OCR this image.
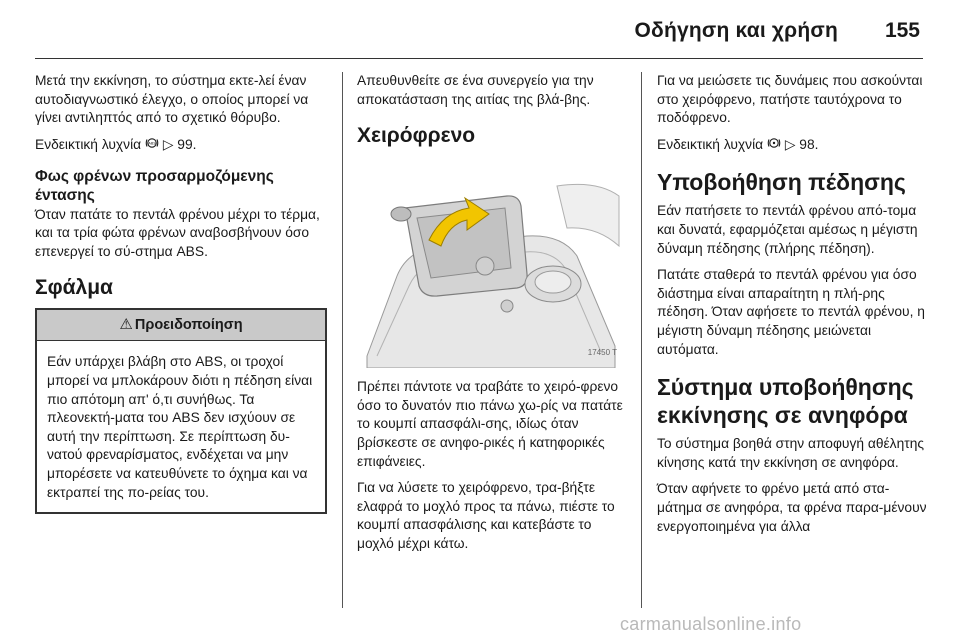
Οδήγηση και χρήση 155

Μετά την εκκίνηση, το σύστημα εκτε-λεί έναν αυτοδιαγνωστικό έλεγχο, ο οποίος μπορεί να γίνει αντιληπτός από το σχετικό θόρυβο.

Ενδεικτική λυχνία ABS ▷ 99.

Φως φρένων προσαρμοζόμενης έντασης

Όταν πατάτε το πεντάλ φρένου μέχρι το τέρμα, και τα τρία φώτα φρένων αναβοσβήνουν όσο επενεργεί το σύ-στημα ABS.

Σφάλμα
⚠ Προειδοποίηση
Εάν υπάρχει βλάβη στο ABS, οι τροχοί μπορεί να μπλοκάρουν διότι η πέδηση είναι πιο απότομη απ' ό,τι συνήθως. Τα πλεονεκτή-ματα του ABS δεν ισχύουν σε αυτή την περίπτωση. Σε περίπτωση δυ-νατού φρεναρίσματος, ενδέχεται να μην μπορέσετε να κατευθύνετε το όχημα και να εκτραπεί της πο-ρείας του.

Απευθυνθείτε σε ένα συνεργείο για την αποκατάσταση της αιτίας της βλά-βης.

Χειρόφρενο
17450 T

Πρέπει πάντοτε να τραβάτε το χειρό-φρενο όσο το δυνατόν πιο πάνω χω-ρίς να πατάτε το κουμπί απασφάλι-σης, ιδίως όταν βρίσκεστε σε ανηφο-ρικές ή κατηφορικές επιφάνειες.

Για να λύσετε το χειρόφρενο, τρα-βήξτε ελαφρά το μοχλό προς τα πάνω, πιέστε το κουμπί απασφάλισης και κατεβάστε το μοχλό μέχρι κάτω.

Για να μειώσετε τις δυνάμεις που ασκούνται στο χειρόφρενο, πατήστε ταυτόχρονα το ποδόφρενο.

Ενδεικτική λυχνία ▷ 98.

Υποβοήθηση πέδησης

Εάν πατήσετε το πεντάλ φρένου από-τομα και δυνατά, εφαρμόζεται αμέσως η μέγιστη δύναμη πέδησης (πλήρης πέδηση).

Πατάτε σταθερά το πεντάλ φρένου για όσο διάστημα είναι απαραίτητη η πλή-ρης πέδηση. Όταν αφήσετε το πεντάλ φρένου, η μέγιστη δύναμη πέδησης μειώνεται αυτόματα.

Σύστημα υποβοήθησης εκκίνησης σε ανηφόρα

Το σύστημα βοηθά στην αποφυγή αθέλητης κίνησης κατά την εκκίνηση σε ανηφόρα.

Όταν αφήνετε το φρένο μετά από στα-μάτημα σε ανηφόρα, τα φρένα παρα-μένουν ενεργοποιημένα για άλλα

carmanualsonline.info
